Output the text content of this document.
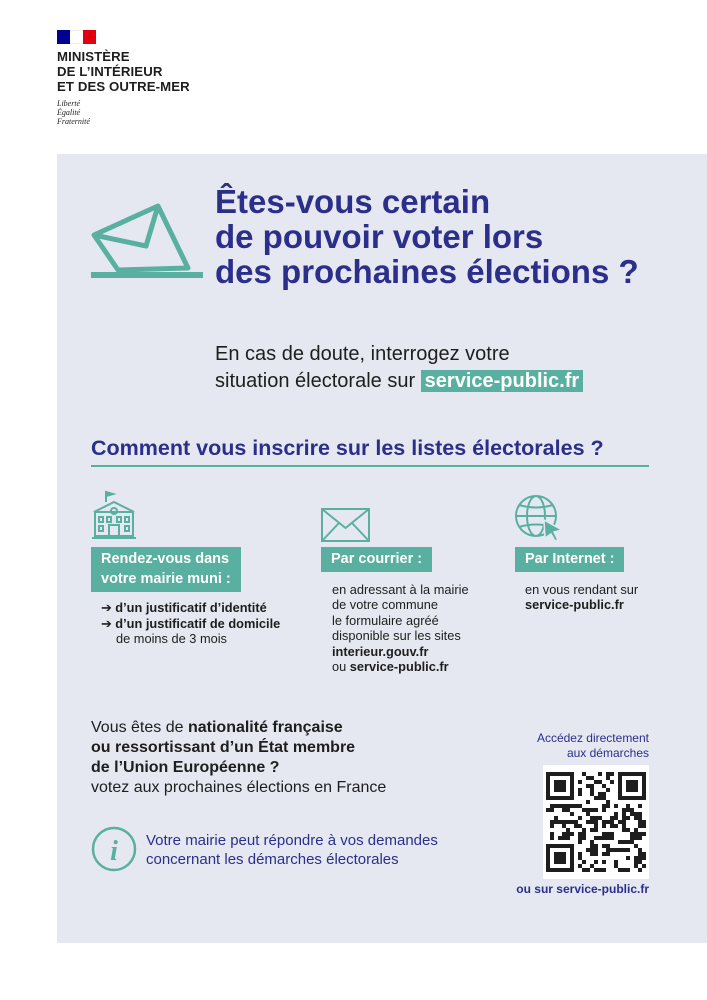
MINISTÈRE
DE L’INTÉRIEUR
ET DES OUTRE-MER
Liberté
Égalité
Fraternité
Êtes-vous certain
de pouvoir voter lors
des prochaines élections ?
En cas de doute, interrogez votre
situation électorale sur service-public.fr
Comment vous inscrire sur les listes électorales ?
Rendez-vous dans
votre mairie muni :
➔ d’un justificatif d’identité
➔ d’un justificatif de domicile
de moins de 3 mois
Par courrier :
en adressant à la mairie
de votre commune
le formulaire agréé
disponible sur les sites
interieur.gouv.fr
ou service-public.fr
Par Internet :
en vous rendant sur
service-public.fr
Vous êtes de nationalité française
ou ressortissant d’un État membre
de l’Union Européenne ?
votez aux prochaines élections en France
i Votre mairie peut répondre à vos demandes
concernant les démarches électorales
Accédez directement
aux démarches
ou sur service-public.fr
